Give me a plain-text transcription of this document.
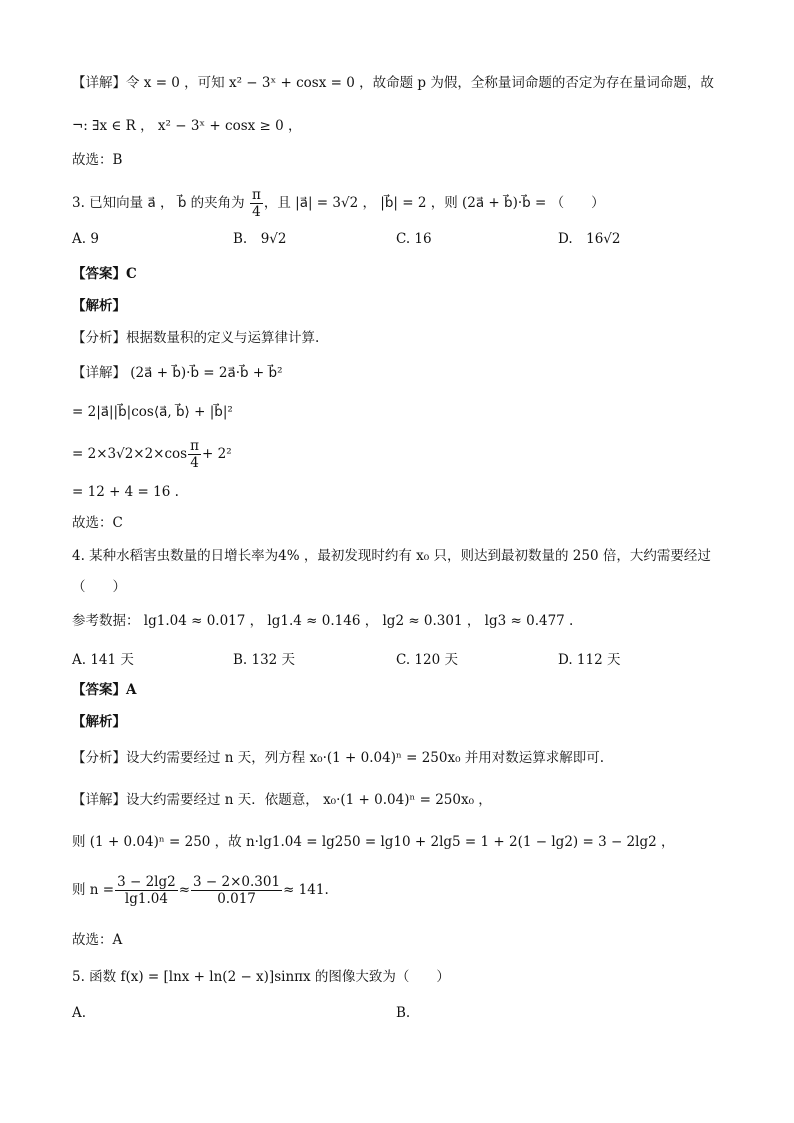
【详解】令 x = 0 ，可知 x² − 3ˣ + cosx = 0 ，故命题 p 为假，全称量词命题的否定为存在量词命题，故
¬: ∃x ∈ R ， x² − 3ˣ + cosx ≥ 0 ，
故选：B
3. 已知向量 a⃗ ， b⃗ 的夹角为 $\frac{\pi}{4}$ ，且 |a⃗| = 3√2 ， |b⃗| = 2 ，则 (2a⃗ + b⃗)·b⃗ = （　　）
A. 9	B.　9√2	C. 16	D.　16√2
【答案】C
【解析】
【分析】根据数量积的定义与运算律计算.
【详解】 (2a⃗ + b⃗)·b⃗ = 2a⃗·b⃗ + b⃗²
= 2|a⃗||b⃗|cos⟨a⃗, b⃗⟩ + |b⃗|²
= $2\times 3√2\times 2\times\cos \frac{\pi}{4} + 2^2$
= 12 + 4 = 16 .
故选：C
4. 某种水稻害虫数量的日增长率为4% ，最初发现时约有 x₀ 只，则达到最初数量的 250 倍，大约需要经过
（　　）
参考数据： lg1.04 ≈ 0.017 ， lg1.4 ≈ 0.146 ， lg2 ≈ 0.301 ， lg3 ≈ 0.477 .
A. 141 天	B. 132 天	C. 120 天	D. 112 天
【答案】A
【解析】
【分析】设大约需要经过 n 天，列方程 x₀·(1 + 0.04)ⁿ = 250x₀ 并用对数运算求解即可.
【详解】设大约需要经过 n 天．依题意， x₀·(1 + 0.04)ⁿ = 250x₀ ，
则 (1 + 0.04)ⁿ = 250 ，故 n·lg1.04 = lg250 = lg10 + 2lg5 = 1 + 2(1 − lg2) = 3 − 2lg2 ，
则 $n = \frac{3 - 2\lg 2}{\lg 1.04} \approx \frac{3 - 2\times 0.301}{0.017} \approx 141$.
故选：A
5. 函数 f(x) = [lnx + ln(2 − x)]sinπx 的图像大致为（　　）
A.	B.
